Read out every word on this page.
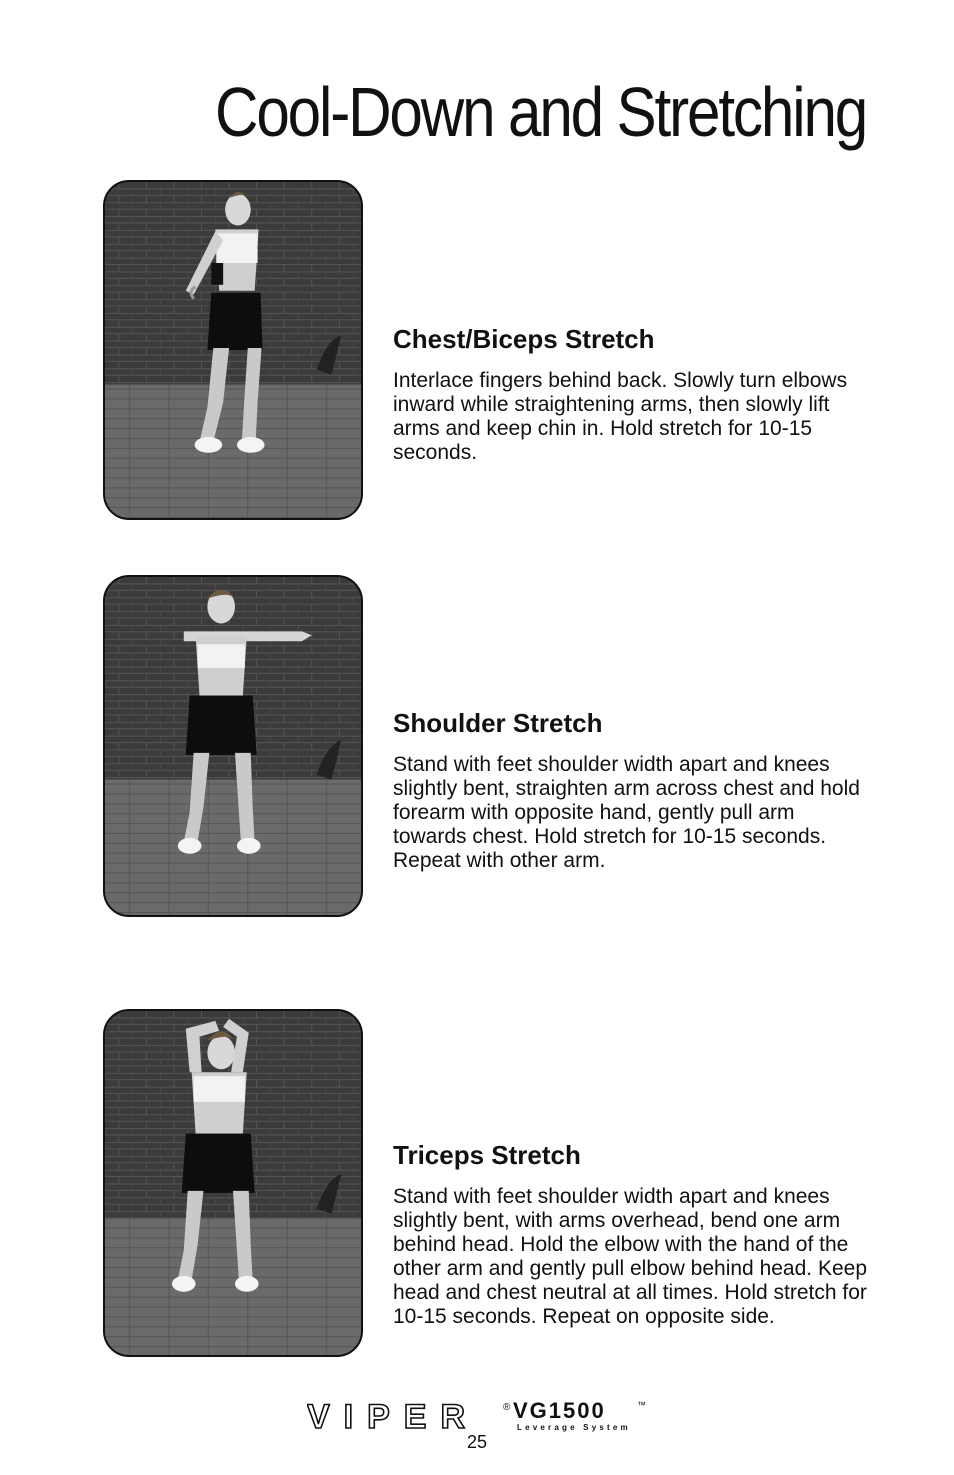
Cool-Down and Stretching
Chest/Biceps Stretch

Interlace fingers behind back. Slowly turn elbows inward while straightening arms, then slowly lift arms and keep chin in. Hold stretch for 10-15 seconds.

Shoulder Stretch

Stand with feet shoulder width apart and knees slightly bent, straighten arm across chest and hold forearm with opposite hand, gently pull arm towards chest. Hold stretch for 10-15 seconds. Repeat with other arm.

Triceps Stretch

Stand with feet shoulder width apart and knees slightly bent, with arms overhead, bend one arm behind head. Hold the elbow with the hand of the other arm and gently pull elbow behind head. Keep head and chest neutral at all times. Hold stretch for 10-15 seconds. Repeat on opposite side.

VIPER ® VG1500	™
Leverage System
25
